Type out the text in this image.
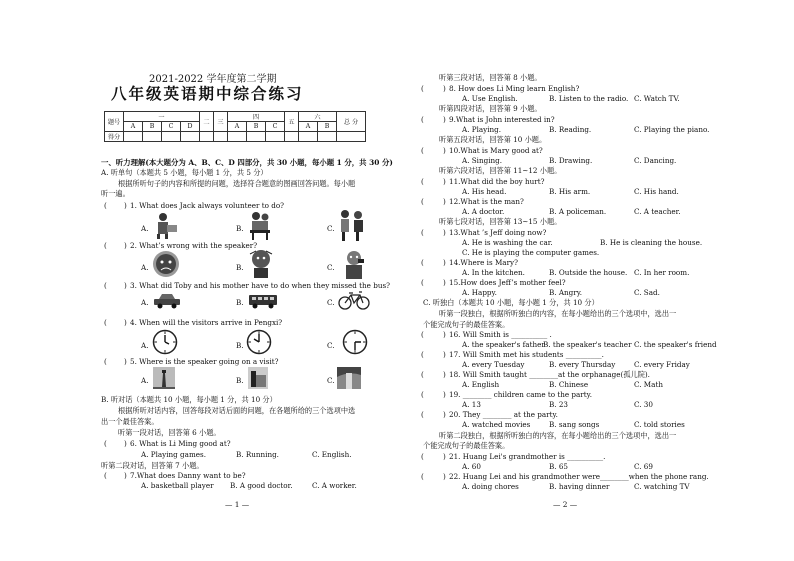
2021-2022 学年度第二学期
八年级英语期中综合练习
题号	一				二	三	四			五	六		总 分
	A	B	C	D			A	B	C		A	B	
得分													
一、听力理解(本大题分为 A、B、C、D 四部分，共 30 小题，每小题 1 分，共 30 分)
A. 听单句（本题共 5 小题，每小题 1 分，共 5 分）
根据所听句子的内容和所提的问题，选择符合题意的图画回答问题。每小题
听一遍。
( ) 1. What does Jack always volunteer to do?
A.	B.	C.
( ) 2. What’s wrong with the speaker?
A.	B.	C.
( ) 3. What did Toby and his mother have to do when they missed the bus?
A.	B.	C.
( ) 4. When will the visitors arrive in Pengxi?
A.	B.	C.
( ) 5. Where is the speaker going on a visit?
A.	B.	C.
B. 听对话（本题共 10 小题，每小题 1 分，共 10 分）
根据所听对话内容，回答每段对话后面的问题，在各题所给的三个选项中选
出一个最佳答案。
听第一段对话，回答第 6 小题。
( ) 6. What is Li Ming good at?
A. Playing games.	B. Running.	C. English.
听第二段对话，回答第 7 小题。
( ) 7.What does Danny want to be?
A. basketball player B. A good doctor.	C. A worker.
— 1 —
听第三段对话，回答第 8 小题。
(	) 8. How does Li Ming learn English?
A. Use English.	B. Listen to the radio. C. Watch TV.
听第四段对话，回答第 9 小题。
(	) 9.What is John interested in?
A. Playing.	B. Reading.	C. Playing the piano.
听第五段对话，回答第 10 小题。
(	) 10.What is Mary good at?
A. Singing.	B. Drawing.	C. Dancing.
听第六段对话，回答第 11~12 小题。
(	) 11.What did the boy hurt?
A. His head.	B. His arm.	C. His hand.
(	) 12.What is the man?
A. A doctor.	B. A policeman.	C. A teacher.
听第七段对话，回答第 13~15 小题。
(	) 13.What ’s Jeff doing now?
A. He is washing the car.	B. He is cleaning the house.
C. He is playing the computer games.
(	) 14.Where is Mary?
A. In the kitchen.	B. Outside the house. C. In her room.
(	) 15.How does Jeff’s mother feel?
A. Happy.	B. Angry.	C. Sad.
C. 听独白（本题共 10 小题，每小题 1 分，共 10 分）
听第一段独白，根据所听独白的内容，在每小题给出的三个选项中，选出一
个能完成句子的最佳答案。
(	) 16. Will Smith is __________ .
A. the speaker's father
B. the speaker's teacher C. the speaker's friend
(	) 17. Will Smith met his students __________.
A. every Tuesday	B. every Thursday	C. every Friday
(	) 18. Will Smith taught ________at the orphanage(孤儿院).
A. English	B. Chinese	C. Math
(	) 19. ________ children came to the party.
A. 13	B. 23	C. 30
(	) 20. They ________ at the party.
A. watched movies	B. sang songs	C. told stories
听第二段独白，根据所听独白的内容，在每小题给出的三个选项中，选出一
个能完成句子的最佳答案。
(	) 21. Huang Lei's grandmother is __________.
A. 60	B. 65	C. 69
(	) 22. Huang Lei and his grandmother were________when the phone rang.
A. doing chores	B. having dinner	C. watching TV
— 2 —
